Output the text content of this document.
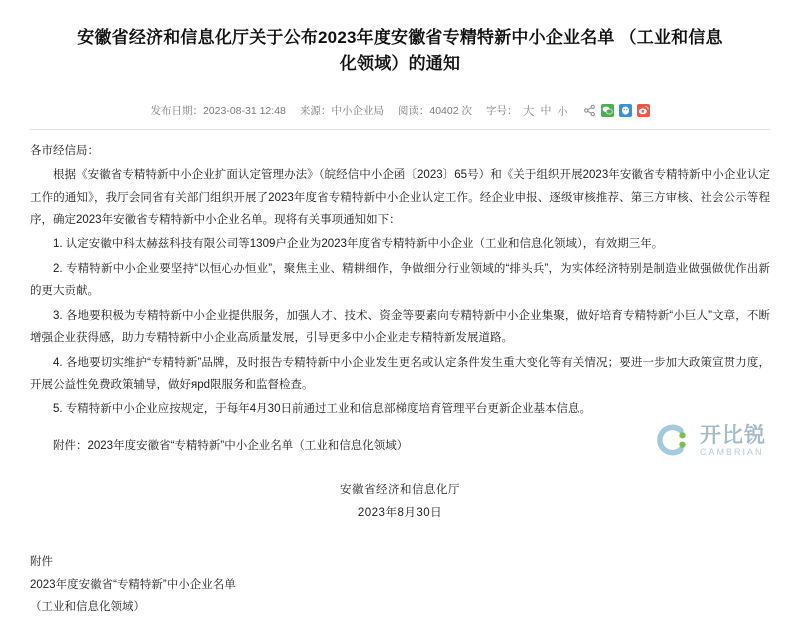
安徽省经济和信息化厅关于公布2023年度安徽省专精特新中小企业名单 （工业和信息化领域）的通知
发布日期：2023-08-31 12:48 来源：中小企业局 阅读：40402 次 字号： 大 中 小

各市经信局：

根据《安徽省专精特新中小企业扩面认定管理办法》（皖经信中小企函〔2023〕65号）和《关于组织开展2023年安徽省专精特新中小企业认定工作的通知》，我厅会同省有关部门组织开展了2023年度省专精特新中小企业认定工作。经企业申报、逐级审核推荐、第三方审核、社会公示等程序，确定2023年安徽省专精特新中小企业名单。现将有关事项通知如下：

1. 认定安徽中科太赫兹科技有限公司等1309户企业为2023年度省专精特新中小企业（工业和信息化领域），有效期三年。

2. 专精特新中小企业要坚持“以恒心办恒业”，聚焦主业、精耕细作，争做细分行业领域的“排头兵”，为实体经济特别是制造业做强做优作出新的更大贡献。

3. 各地要积极为专精特新中小企业提供服务，加强人才、技术、资金等要素向专精特新中小企业集聚，做好培育专精特新“小巨人”文章，不断增强企业获得感，助力专精特新中小企业高质量发展，引导更多中小企业走专精特新发展道路。

4. 各地要切实维护“专精特新”品牌，及时报告专精特新中小企业发生更名或认定条件发生重大变化等有关情况；要进一步加大政策宣贯力度，开展公益性免费政策辅导，做好ярd限服务和监督检查。

5. 专精特新中小企业应按规定，于每年4月30日前通过工业和信息部梯度培育管理平台更新企业基本信息。

附件：2023年度安徽省“专精特新”中小企业名单（工业和信息化领域）

安徽省经济和信息化厅
2023年8月30日
附件
2023年度安徽省“专精特新”中小企业名单
（工业和信息化领域）
开比锐
CAMBRIAN
